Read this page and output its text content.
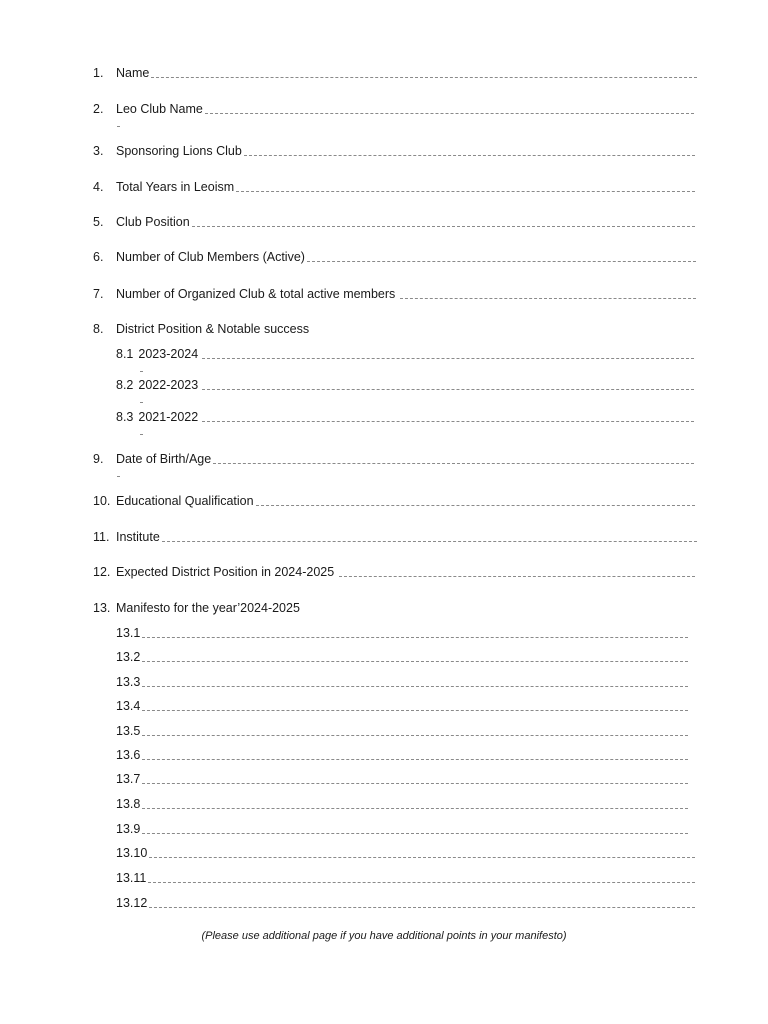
1.	Name
2.	Leo Club Name
3.	Sponsoring Lions Club
4.	Total Years in Leoism
5.	Club Position
6.	Number of Club Members (Active)
7.	Number of Organized Club & total active members
8.	District Position & Notable success
8.1 2023-2024
8.2 2022-2023
8.3 2021-2022
9.	Date of Birth/Age
10. Educational Qualification
11. Institute
12. Expected District Position in 2024-2025
13. Manifesto for the year’2024-2025
13.1
13.2
13.3
13.4
13.5
13.6
13.7
13.8
13.9
13.10
13.11
13.12
(Please use additional page if you have additional points in your manifesto)
